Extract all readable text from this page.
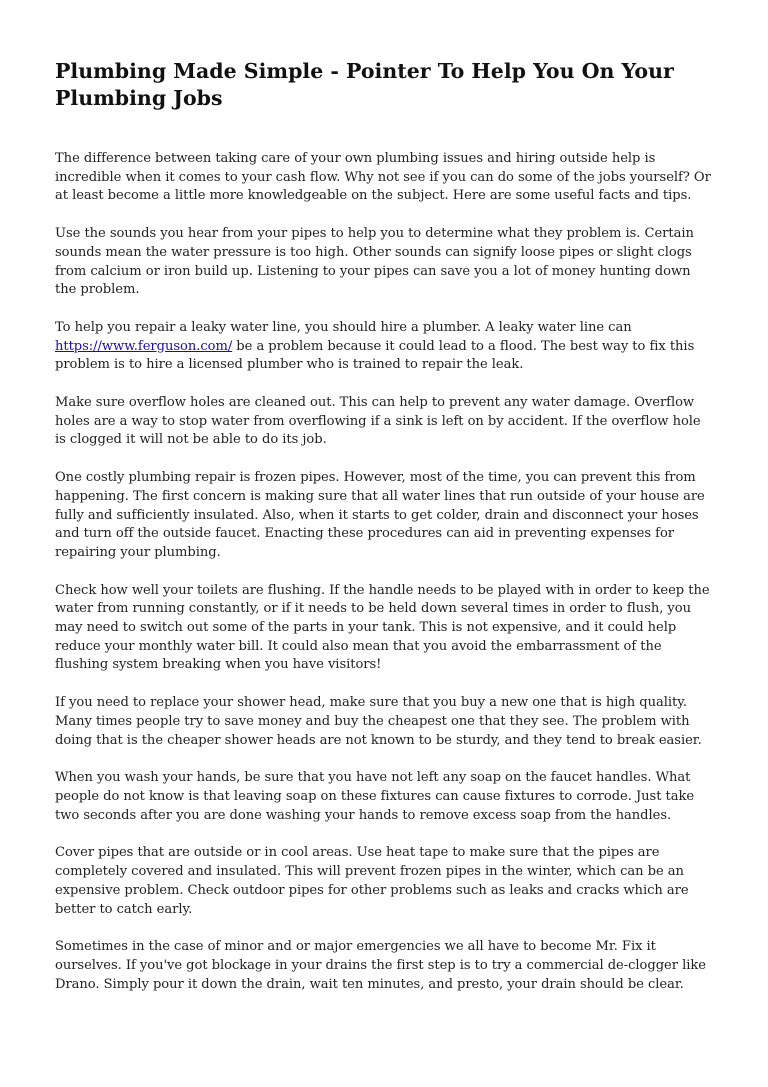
Plumbing Made Simple - Pointer To Help You On Your Plumbing Jobs

The difference between taking care of your own plumbing issues and hiring outside help is incredible when it comes to your cash flow. Why not see if you can do some of the jobs yourself? Or at least become a little more knowledgeable on the subject. Here are some useful facts and tips.

Use the sounds you hear from your pipes to help you to determine what they problem is. Certain sounds mean the water pressure is too high. Other sounds can signify loose pipes or slight clogs from calcium or iron build up. Listening to your pipes can save you a lot of money hunting down the problem.

To help you repair a leaky water line, you should hire a plumber. A leaky water line can https://www.ferguson.com/ be a problem because it could lead to a flood. The best way to fix this problem is to hire a licensed plumber who is trained to repair the leak.

Make sure overflow holes are cleaned out. This can help to prevent any water damage. Overflow holes are a way to stop water from overflowing if a sink is left on by accident. If the overflow hole is clogged it will not be able to do its job.

One costly plumbing repair is frozen pipes. However, most of the time, you can prevent this from happening. The first concern is making sure that all water lines that run outside of your house are fully and sufficiently insulated. Also, when it starts to get colder, drain and disconnect your hoses and turn off the outside faucet. Enacting these procedures can aid in preventing expenses for repairing your plumbing.

Check how well your toilets are flushing. If the handle needs to be played with in order to keep the water from running constantly, or if it needs to be held down several times in order to flush, you may need to switch out some of the parts in your tank. This is not expensive, and it could help reduce your monthly water bill. It could also mean that you avoid the embarrassment of the flushing system breaking when you have visitors!

If you need to replace your shower head, make sure that you buy a new one that is high quality. Many times people try to save money and buy the cheapest one that they see. The problem with doing that is the cheaper shower heads are not known to be sturdy, and they tend to break easier.

When you wash your hands, be sure that you have not left any soap on the faucet handles. What people do not know is that leaving soap on these fixtures can cause fixtures to corrode. Just take two seconds after you are done washing your hands to remove excess soap from the handles.

Cover pipes that are outside or in cool areas. Use heat tape to make sure that the pipes are completely covered and insulated. This will prevent frozen pipes in the winter, which can be an expensive problem. Check outdoor pipes for other problems such as leaks and cracks which are better to catch early.

Sometimes in the case of minor and or major emergencies we all have to become Mr. Fix it ourselves. If you've got blockage in your drains the first step is to try a commercial de-clogger like Drano. Simply pour it down the drain, wait ten minutes, and presto, your drain should be clear.
